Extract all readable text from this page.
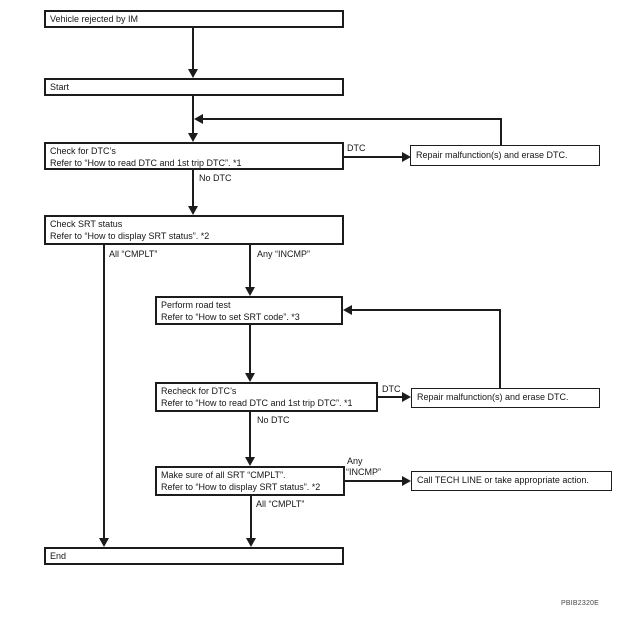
Vehicle rejected by IM
Start
Check for DTC’s
Refer to “How to read DTC and 1st trip DTC”. *1
Repair malfunction(s) and erase DTC.
Check SRT status
Refer to “How to display SRT status”. *2
Perform road test
Refer to “How to set SRT code”. *3
Recheck for DTC’s
Refer to “How to read DTC and 1st trip DTC”. *1
Repair malfunction(s) and erase DTC.
Make sure of all SRT “CMPLT”.
Refer to “How to display SRT status”. *2
Call TECH LINE or take appropriate action.
End
DTC
No DTC
All “CMPLT”	Any “INCMP”
DTC
No DTC
Any
“INCMP”
All “CMPLT”
PBIB2320E
